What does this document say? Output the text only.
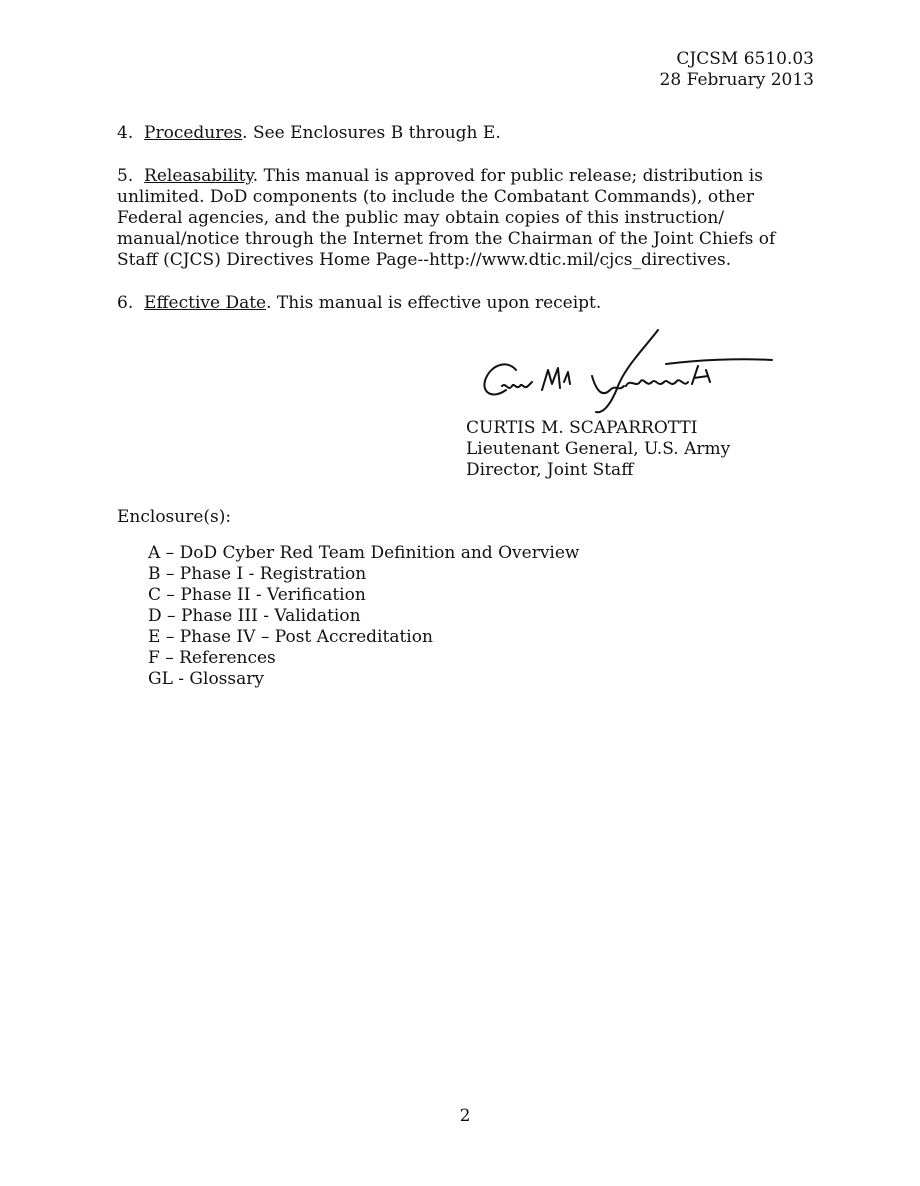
CJCSM 6510.03
28 February 2013

4. Procedures. See Enclosures B through E.

5. Releasability. This manual is approved for public release; distribution is unlimited. DoD components (to include the Combatant Commands), other Federal agencies, and the public may obtain copies of this instruction/ manual/notice through the Internet from the Chairman of the Joint Chiefs of Staff (CJCS) Directives Home Page--http://www.dtic.mil/cjcs_directives.

6. Effective Date. This manual is effective upon receipt.

CURTIS M. SCAPARROTTI
Lieutenant General, U.S. Army
Director, Joint Staff
Enclosure(s):
A – DoD Cyber Red Team Definition and Overview
B – Phase I - Registration
C – Phase II - Verification
D – Phase III - Validation
E – Phase IV – Post Accreditation
F – References
GL - Glossary
2
